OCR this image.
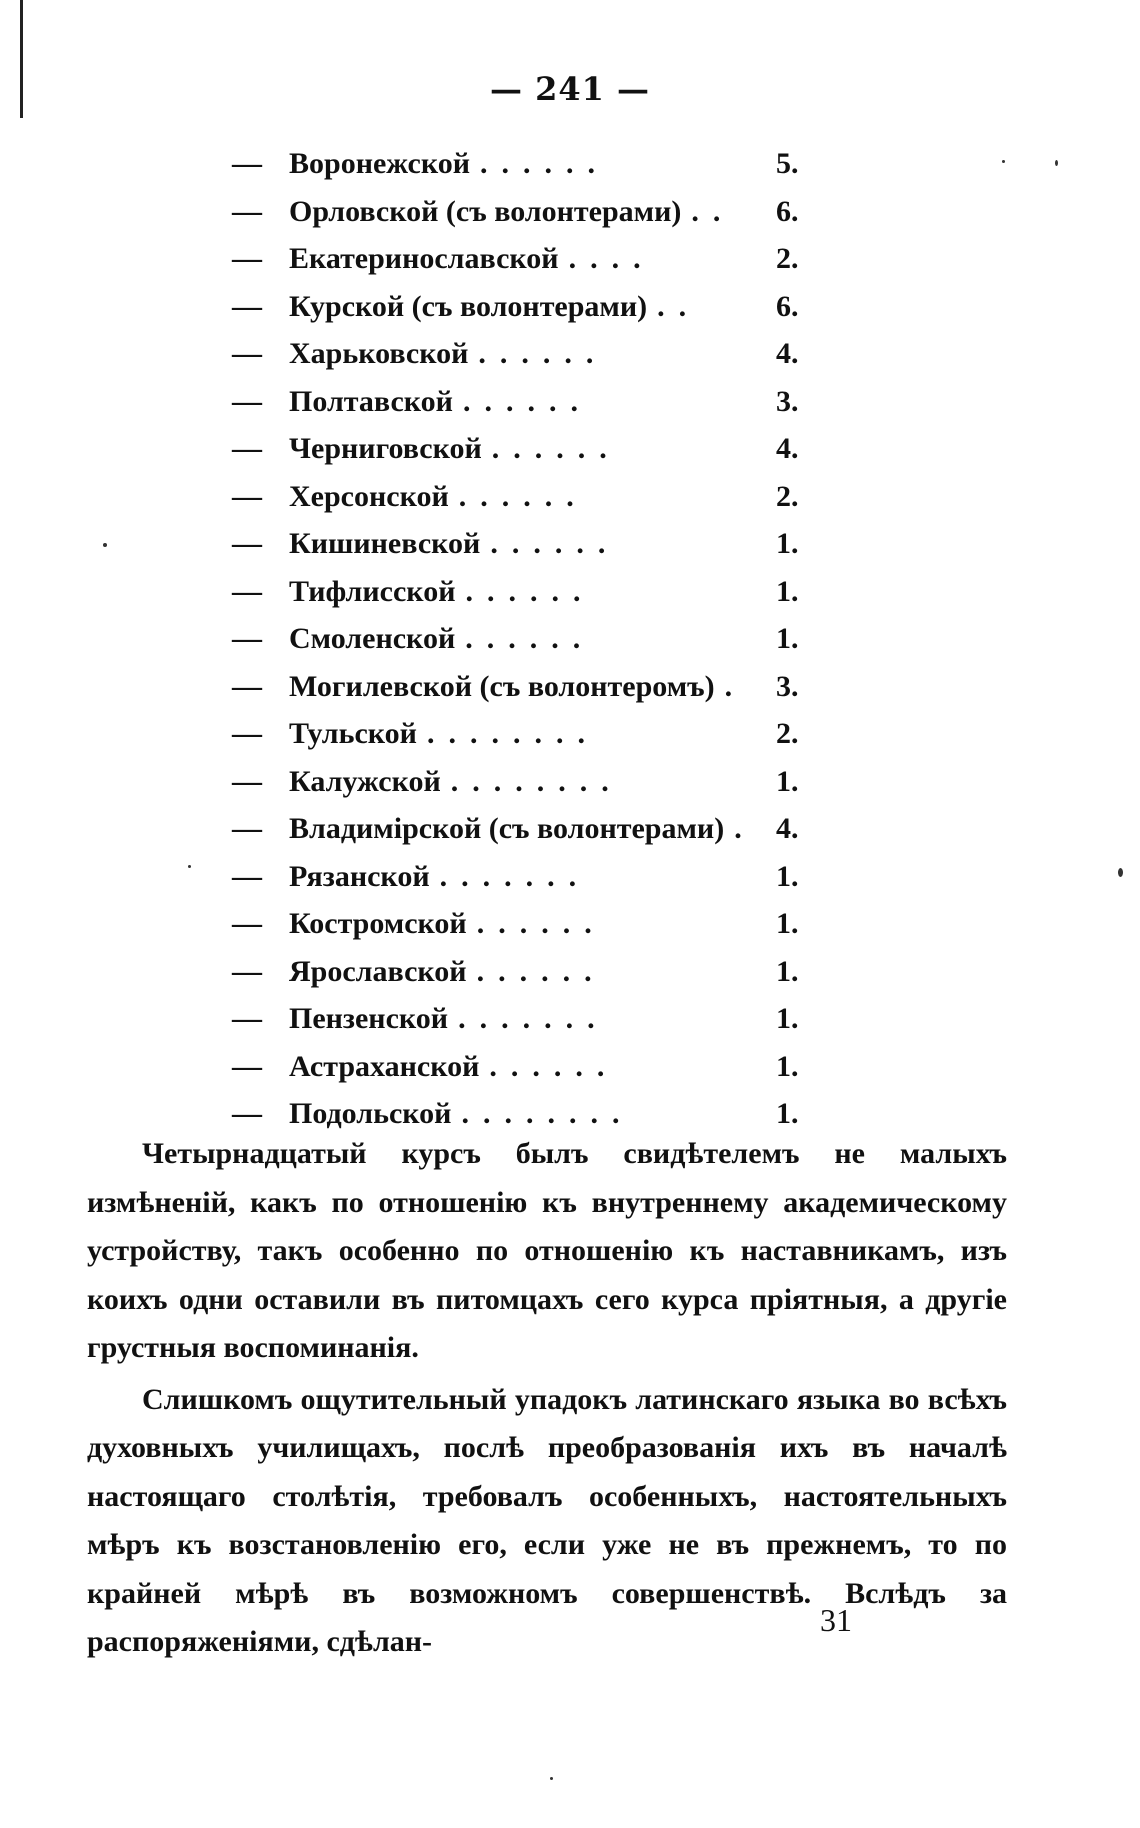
— 241 —
— Воронежской ......	5.
— Орловской (съ волонтерами) ..	6.
— Екатеринославской ....	2.
— Курской (съ волонтерами) ..	6.
— Харьковской ......	4.
— Полтавской ......	3.
— Черниговской ......	4.
— Херсонской ......	2.
— Кишиневской ......	1.
— Тифлисской ......	1.
— Смоленской ......	1.
— Могилевской (съ волонтеромъ) . 3.
— Тульской ........	2.
— Калужской ........	1.
— Владимірской (съ волонтерами) . 4.
— Рязанской .......	1.
— Костромской ......	1.
— Ярославской ......	1.
— Пензенской .......	1.
— Астраханской ......	1.
— Подольской ........	1.

Четырнадцатый курсъ былъ свидѣтелемъ не малыхъ измѣненій, какъ по отношенію къ внутреннему академическому устройству, такъ особенно по отношенію къ наставникамъ, изъ коихъ одни оставили въ питомцахъ сего курса пріятныя, а другіе грустныя воспоминанія.

Слишкомъ ощутительный упадокъ латинскаго языка во всѣхъ духовныхъ училищахъ, послѣ преобразованія ихъ въ началѣ настоящаго столѣтія, требовалъ особенныхъ, настоятельныхъ мѣръ къ возстановленію его, если уже не въ прежнемъ, то по крайней мѣрѣ въ возможномъ совершенствѣ. Вслѣдъ за распоряженіями, сдѣлан-

31
